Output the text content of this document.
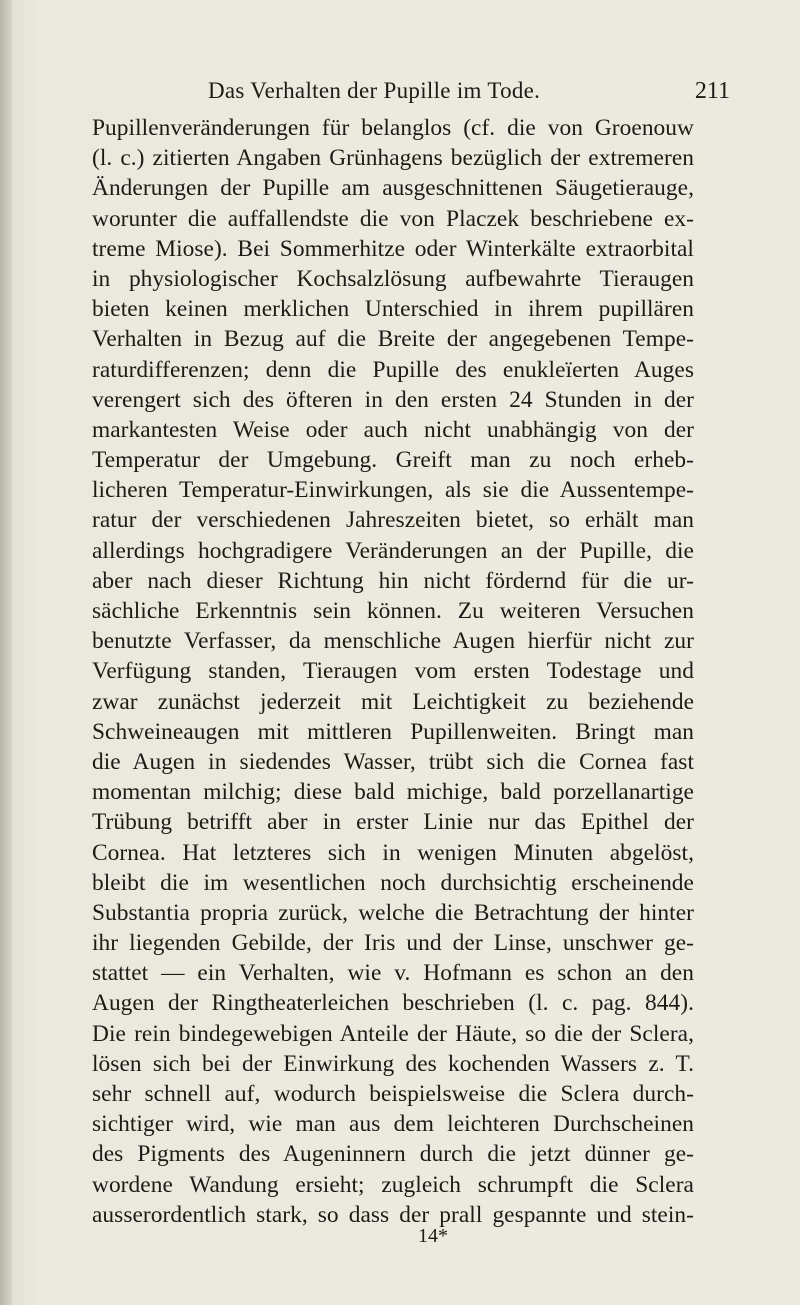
Das Verhalten der Pupille im Tode.	211
Pupillenveränderungen für belanglos (cf. die von Groenouw
(l. c.) zitierten Angaben Grünhagens bezüglich der extremeren
Änderungen der Pupille am ausgeschnittenen Säugetierauge,
worunter die auffallendste die von Placzek beschriebene ex-
treme Miose). Bei Sommerhitze oder Winterkälte extraorbital
in physiologischer Kochsalzlösung aufbewahrte Tieraugen
bieten keinen merklichen Unterschied in ihrem pupillären
Verhalten in Bezug auf die Breite der angegebenen Tempe-
raturdifferenzen; denn die Pupille des enukleïerten Auges
verengert sich des öfteren in den ersten 24 Stunden in der
markantesten Weise oder auch nicht unabhängig von der
Temperatur der Umgebung. Greift man zu noch erheb-
licheren Temperatur-Einwirkungen, als sie die Aussentempe-
ratur der verschiedenen Jahreszeiten bietet, so erhält man
allerdings hochgradigere Veränderungen an der Pupille, die
aber nach dieser Richtung hin nicht fördernd für die ur-
sächliche Erkenntnis sein können. Zu weiteren Versuchen
benutzte Verfasser, da menschliche Augen hierfür nicht zur
Verfügung standen, Tieraugen vom ersten Todestage und
zwar zunächst jederzeit mit Leichtigkeit zu beziehende
Schweineaugen mit mittleren Pupillenweiten. Bringt man
die Augen in siedendes Wasser, trübt sich die Cornea fast
momentan milchig; diese bald michige, bald porzellanartige
Trübung betrifft aber in erster Linie nur das Epithel der
Cornea. Hat letzteres sich in wenigen Minuten abgelöst,
bleibt die im wesentlichen noch durchsichtig erscheinende
Substantia propria zurück, welche die Betrachtung der hinter
ihr liegenden Gebilde, der Iris und der Linse, unschwer ge-
stattet — ein Verhalten, wie v. Hofmann es schon an den
Augen der Ringtheaterleichen beschrieben (l. c. pag. 844).
Die rein bindegewebigen Anteile der Häute, so die der Sclera,
lösen sich bei der Einwirkung des kochenden Wassers z. T.
sehr schnell auf, wodurch beispielsweise die Sclera durch-
sichtiger wird, wie man aus dem leichteren Durchscheinen
des Pigments des Augeninnern durch die jetzt dünner ge-
wordene Wandung ersieht; zugleich schrumpft die Sclera
ausserordentlich stark, so dass der prall gespannte und stein-
14*
